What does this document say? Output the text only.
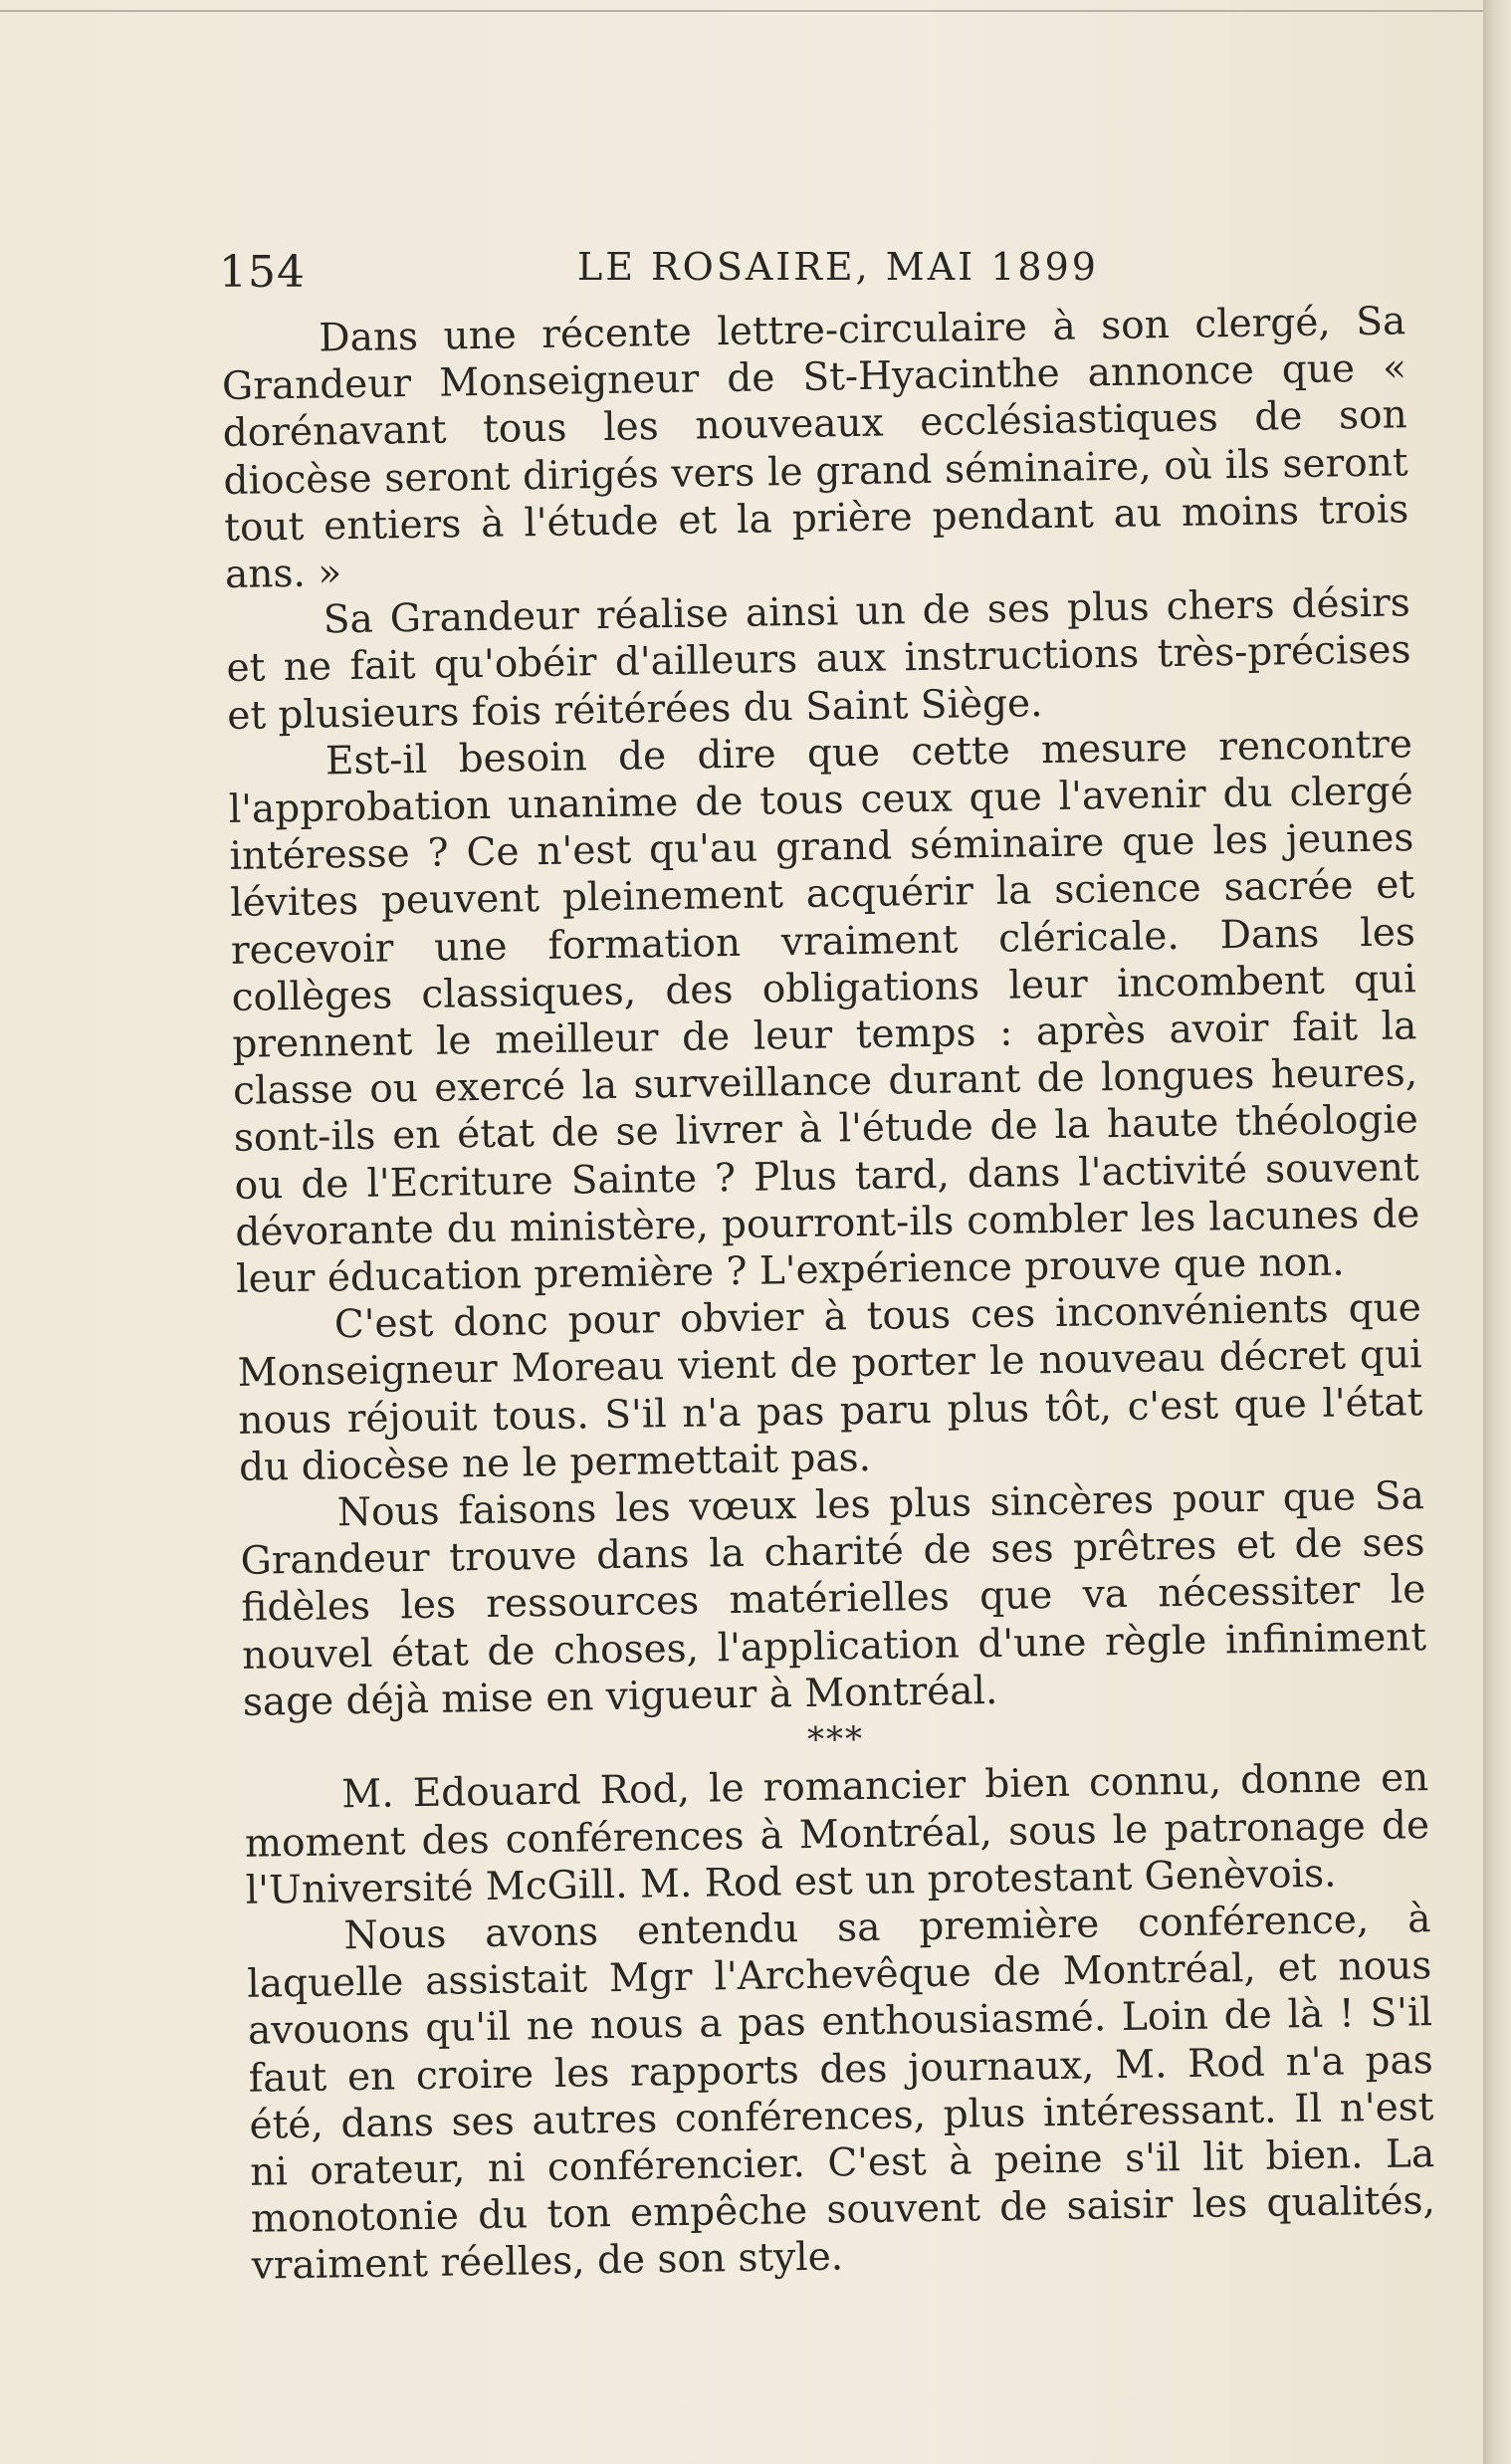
154	LE ROSAIRE, MAI 1899

Dans une récente lettre-circulaire à son clergé, Sa Grandeur Monseigneur de St-Hyacinthe annonce que « dorénavant tous les nouveaux ecclésiastiques de son diocèse seront dirigés vers le grand séminaire, où ils seront tout entiers à l'étude et la prière pendant au moins trois ans. »

Sa Grandeur réalise ainsi un de ses plus chers désirs et ne fait qu'obéir d'ailleurs aux instructions très-précises et plusieurs fois réitérées du Saint Siège.

Est-il besoin de dire que cette mesure rencontre l'approbation unanime de tous ceux que l'avenir du clergé intéresse ? Ce n'est qu'au grand séminaire que les jeunes lévites peuvent pleinement acquérir la science sacrée et recevoir une formation vraiment cléricale. Dans les collèges classiques, des obligations leur incombent qui prennent le meilleur de leur temps : après avoir fait la classe ou exercé la surveillance durant de longues heures, sont-ils en état de se livrer à l'étude de la haute théologie ou de l'Ecriture Sainte ? Plus tard, dans l'activité souvent dévorante du ministère, pourront-ils combler les lacunes de leur éducation première ? L'expérience prouve que non.

C'est donc pour obvier à tous ces inconvénients que Monseigneur Moreau vient de porter le nouveau décret qui nous réjouit tous. S'il n'a pas paru plus tôt, c'est que l'état du diocèse ne le permettait pas.

Nous faisons les vœux les plus sincères pour que Sa Grandeur trouve dans la charité de ses prêtres et de ses fidèles les ressources matérielles que va nécessiter le nouvel état de choses, l'application d'une règle infiniment sage déjà mise en vigueur à Montréal.

***

M. Edouard Rod, le romancier bien connu, donne en moment des conférences à Montréal, sous le patronage de l'Université McGill. M. Rod est un protestant Genèvois.

Nous avons entendu sa première conférence, à laquelle assistait Mgr l'Archevêque de Montréal, et nous avouons qu'il ne nous a pas enthousiasmé. Loin de là ! S'il faut en croire les rapports des journaux, M. Rod n'a pas été, dans ses autres conférences, plus intéressant. Il n'est ni orateur, ni conférencier. C'est à peine s'il lit bien. La monotonie du ton empêche souvent de saisir les qualités, vraiment réelles, de son style.
